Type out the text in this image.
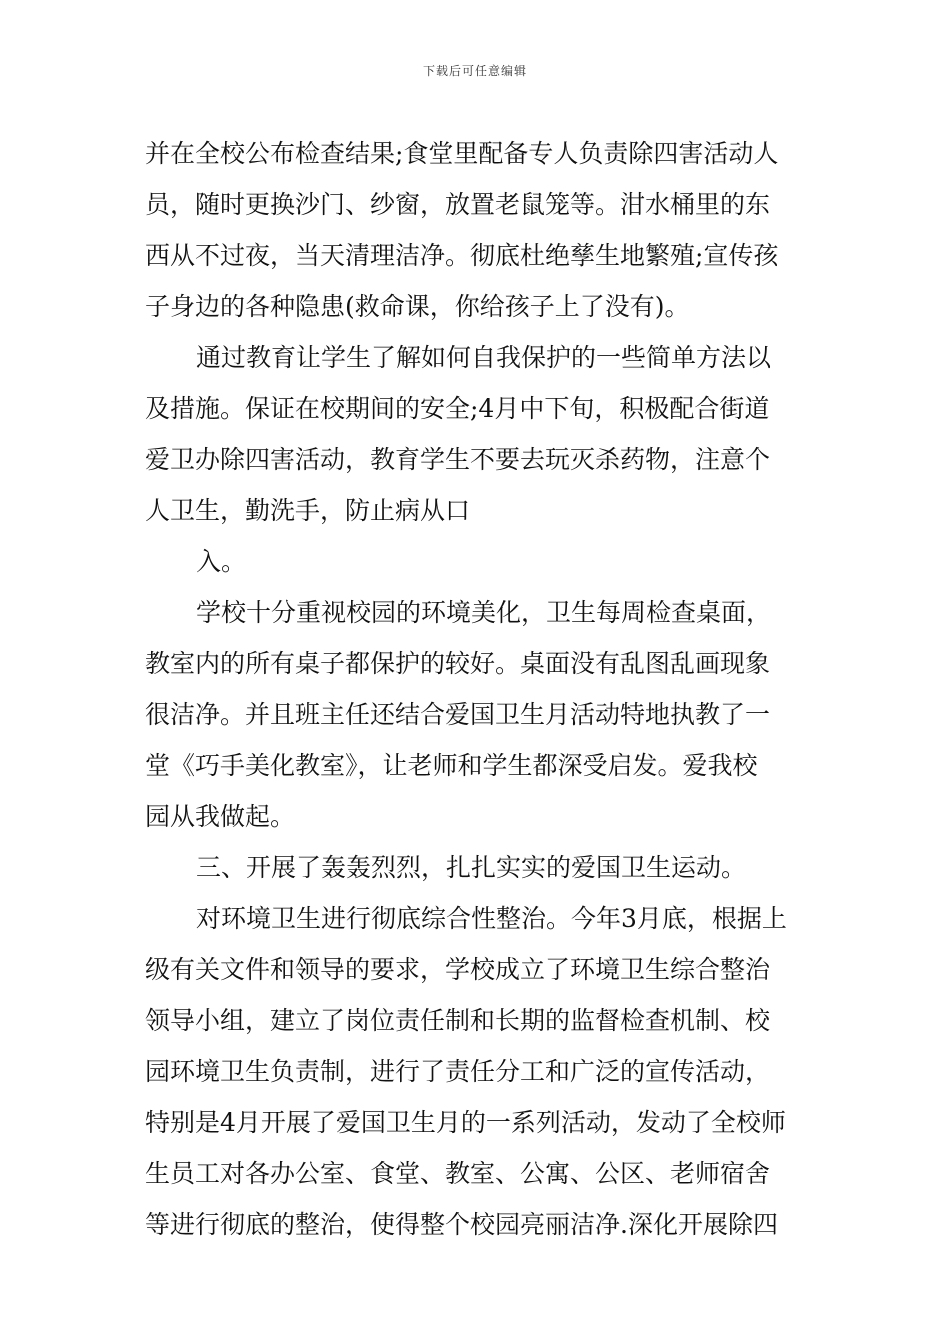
下载后可任意编辑
并在全校公布检查结果;食堂里配备专人负责除四害活动人
员，随时更换沙门、纱窗，放置老鼠笼等。泔水桶里的东
西从不过夜，当天清理洁净。彻底杜绝孳生地繁殖;宣传孩
子身边的各种隐患(救命课，你给孩子上了没有)。
通过教育让学生了解如何自我保护的一些简单方法以
及措施。保证在校期间的安全;4月中下旬，积极配合街道
爱卫办除四害活动，教育学生不要去玩灭杀药物，注意个
人卫生，勤洗手，防止病从口
入。
学校十分重视校园的环境美化，卫生每周检查桌面，
教室内的所有桌子都保护的较好。桌面没有乱图乱画现象
很洁净。并且班主任还结合爱国卫生月活动特地执教了一
堂《巧手美化教室》，让老师和学生都深受启发。爱我校
园从我做起。
三、开展了轰轰烈烈，扎扎实实的爱国卫生运动。
对环境卫生进行彻底综合性整治。今年3月底，根据上
级有关文件和领导的要求，学校成立了环境卫生综合整治
领导小组，建立了岗位责任制和长期的监督检查机制、校
园环境卫生负责制，进行了责任分工和广泛的宣传活动，
特别是4月开展了爱国卫生月的一系列活动，发动了全校师
生员工对各办公室、食堂、教室、公寓、公区、老师宿舍
等进行彻底的整治，使得整个校园亮丽洁净.深化开展除四
